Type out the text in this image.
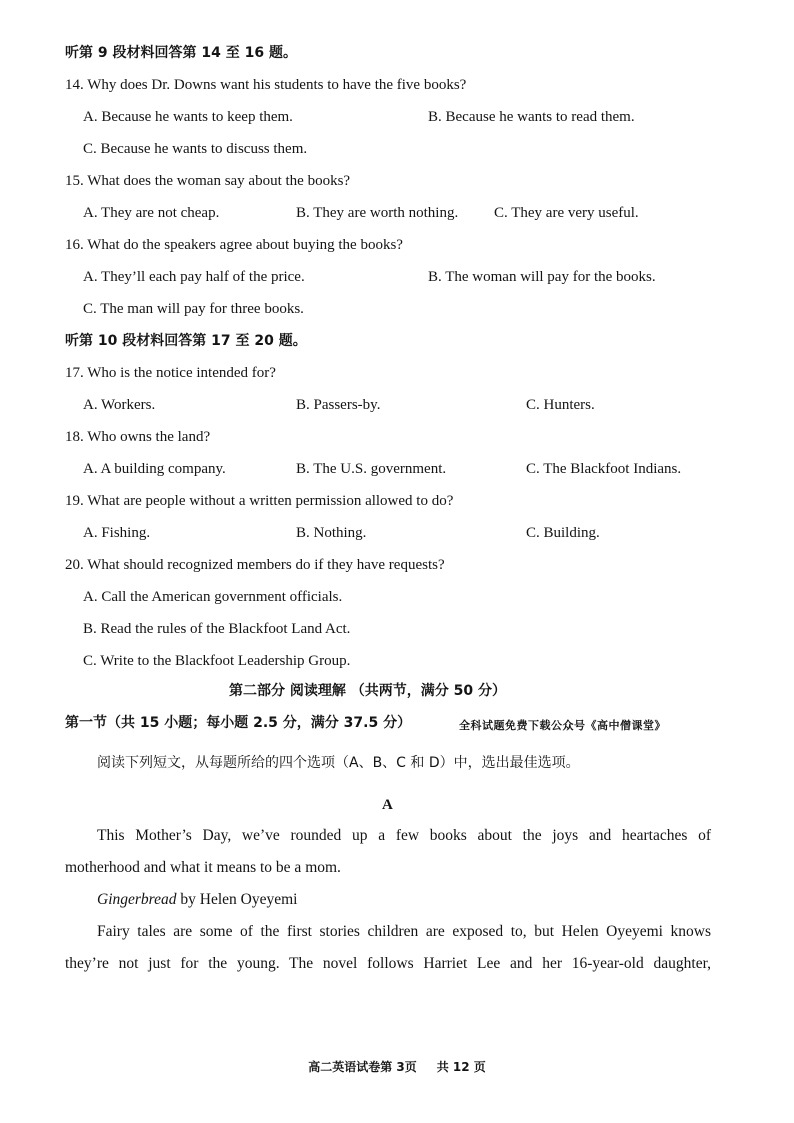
听第 9 段材料回答第 14 至 16 题。
14. Why does Dr. Downs want his students to have the five books?
A. Because he wants to keep them.	B. Because he wants to read them.
C. Because he wants to discuss them.
15. What does the woman say about the books?
A. They are not cheap.	B. They are worth nothing. C. They are very useful.
16. What do the speakers agree about buying the books?
A. They’ll each pay half of the price.	B. The woman will pay for the books.
C. The man will pay for three books.
听第 10 段材料回答第 17 至 20 题。
17. Who is the notice intended for?
A. Workers.	B. Passers-by.	C. Hunters.
18. Who owns the land?
A. A building company.	B. The U.S. government.	C. The Blackfoot Indians.
19. What are people without a written permission allowed to do?
A. Fishing.	B. Nothing.	C. Building.
20. What should recognized members do if they have requests?
A. Call the American government officials.
B. Read the rules of the Blackfoot Land Act.
C. Write to the Blackfoot Leadership Group.
第二部分 阅读理解 （共两节，满分 50 分）
第一节（共 15 小题；每小题 2.5 分，满分 37.5 分）	全科试题免费下载公众号《高中僧课堂》
阅读下列短文，从每题所给的四个选项（A、B、C 和 D）中，选出最佳选项。
A
This Mother’s Day, we’ve rounded up a few books about the joys and heartaches of
motherhood and what it means to be a mom.
Gingerbread by Helen Oyeyemi
Fairy tales are some of the first stories children are exposed to, but Helen Oyeyemi knows
they’re not just for the young. The novel follows Harriet Lee and her 16-year-old daughter,
高二英语试卷第 3页 共 12 页
